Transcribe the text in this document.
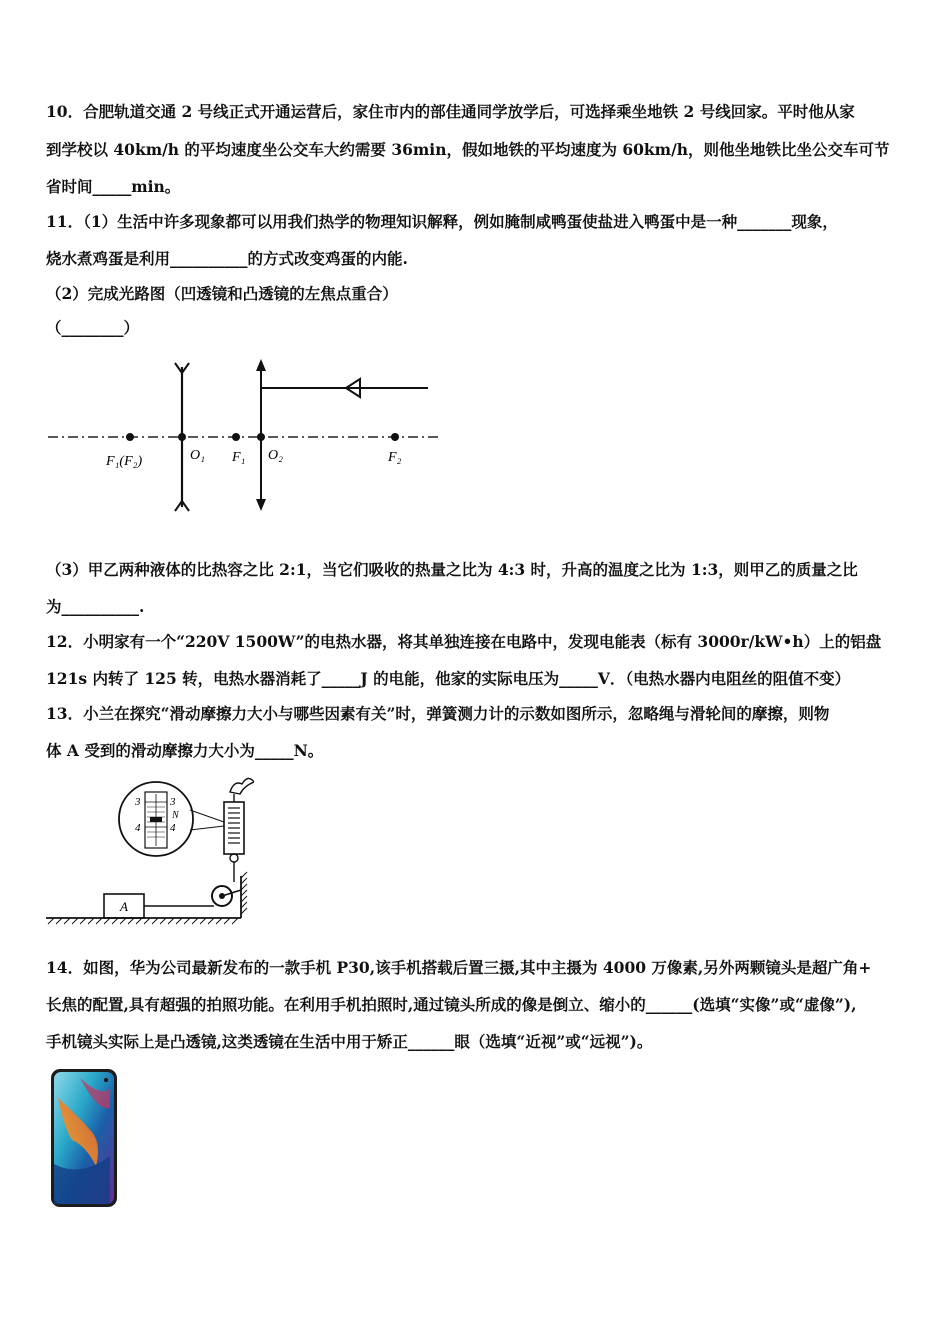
10．合肥轨道交通 2 号线正式开通运营后，家住市内的部佳通同学放学后，可选择乘坐地铁 2 号线回家。平时他从家
到学校以 40km/h 的平均速度坐公交车大约需要 36min，假如地铁的平均速度为 60km/h，则他坐地铁比坐公交车可节
省时间_____min。
11．（1）生活中许多现象都可以用我们热学的物理知识解释，例如腌制咸鸭蛋使盐进入鸭蛋中是一种_______现象，
烧水煮鸡蛋是利用__________的方式改变鸡蛋的内能.
（2）完成光路图（凹透镜和凸透镜的左焦点重合）
（________）
F₁(F₂)	O₁ F₁ O₂	F₂
（3）甲乙两种液体的比热容之比 2:1，当它们吸收的热量之比为 4:3 时，升高的温度之比为 1:3，则甲乙的质量之比
为__________.
12．小明家有一个“220V 1500W”的电热水器，将其单独连接在电路中，发现电能表（标有 3000r/kW•h）上的铝盘
121s 内转了 125 转，电热水器消耗了_____J 的电能，他家的实际电压为_____V．（电热水器内电阻丝的阻值不变）
13．小兰在探究“滑动摩擦力大小与哪些因素有关”时，弹簧测力计的示数如图所示，忽略绳与滑轮间的摩擦，则物
体 A 受到的滑动摩擦力大小为_____N。
3
4
3
4
N
A
14．如图，华为公司最新发布的一款手机 P30,该手机搭载后置三摄,其中主摄为 4000 万像素,另外两颗镜头是超广角+
长焦的配置,具有超强的拍照功能。在利用手机拍照时,通过镜头所成的像是倒立、缩小的______(选填“实像”或“虚像”),
手机镜头实际上是凸透镜,这类透镜在生活中用于矫正______眼（选填“近视”或“远视”)。
